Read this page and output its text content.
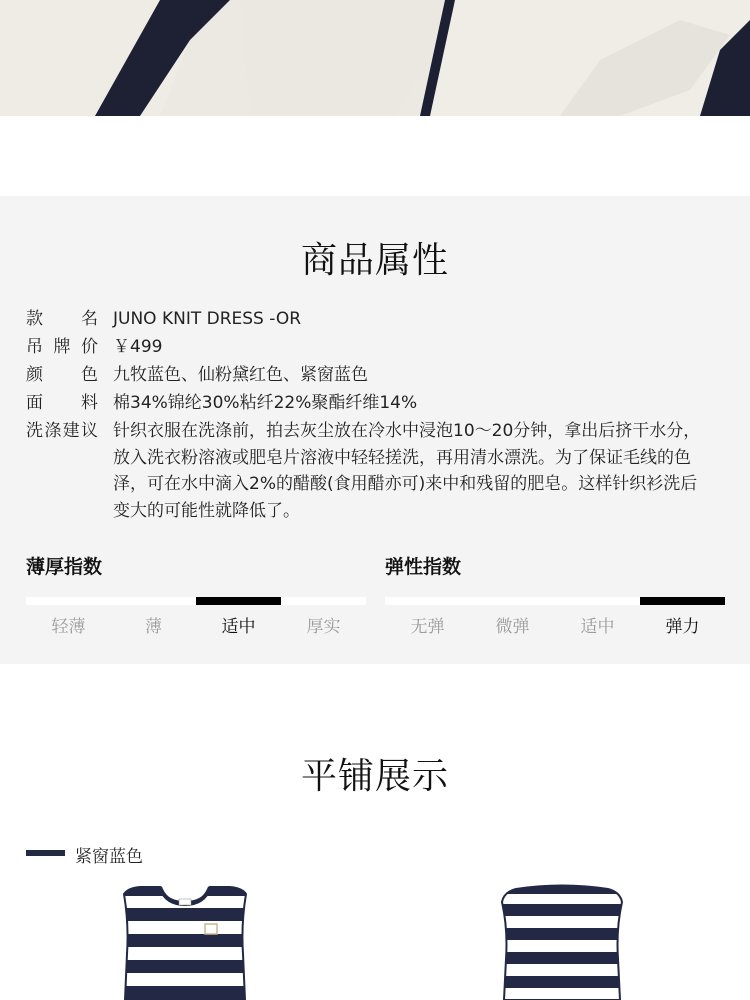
商品属性
款 名 JUNO KNIT DRESS -OR
吊 牌 价 ￥499
颜 色 九牧蓝色、仙粉黛红色、紧窗蓝色
面 料 棉34%锦纶30%粘纤22%聚酯纤维14%
洗 涤 建 议 针织衣服在洗涤前，拍去灰尘放在冷水中浸泡10～20分钟，拿出后挤干水分，放入洗衣粉溶液或肥皂片溶液中轻轻搓洗，再用清水漂洗。为了保证毛线的色泽，可在水中滴入2%的醋酸(食用醋亦可)来中和残留的肥皂。这样针织衫洗后变大的可能性就降低了。
薄厚指数
轻薄	薄	适中	厚实
弹性指数
无弹	微弹	适中	弹力
平铺展示
紧窗蓝色
